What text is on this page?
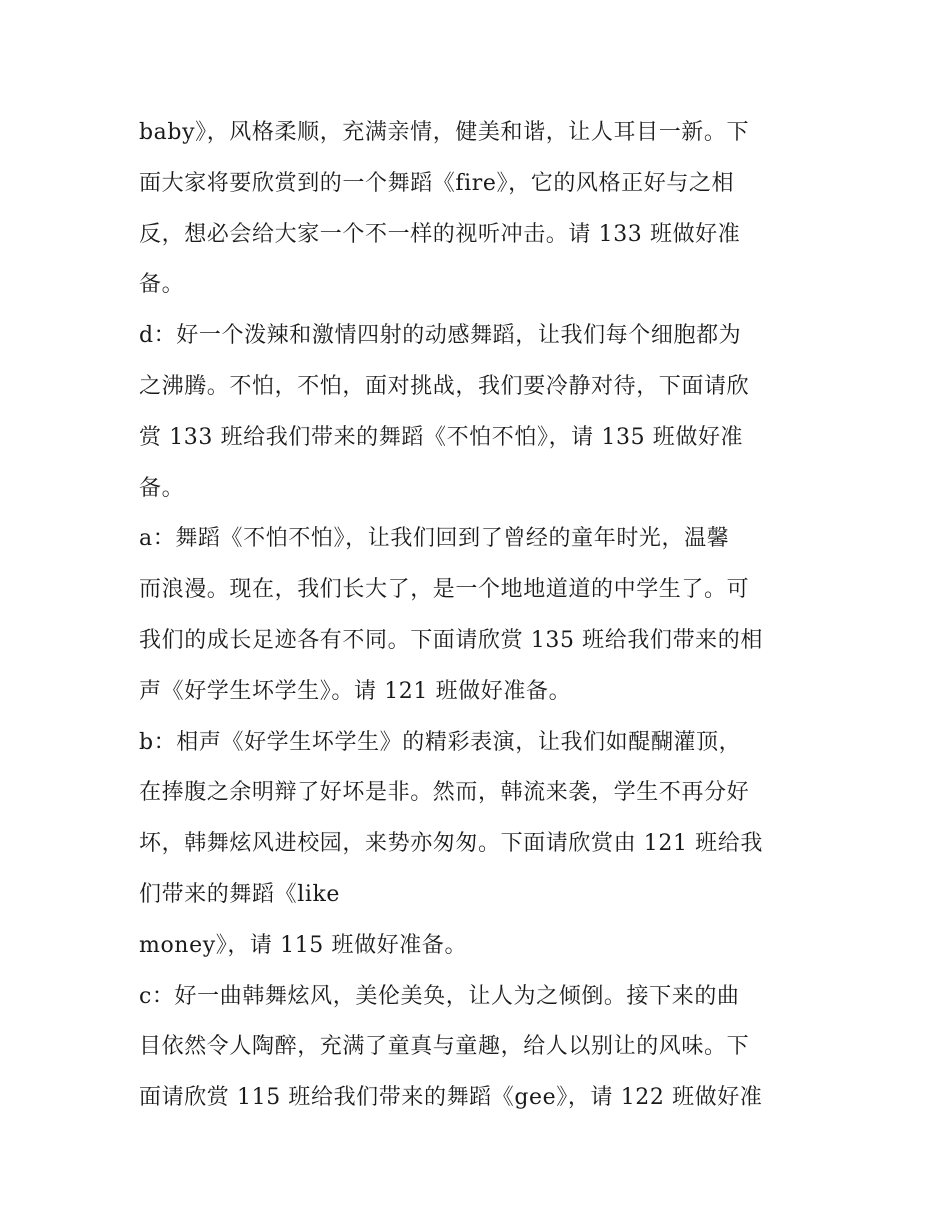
baby》，风格柔顺，充满亲情，健美和谐，让人耳目一新。下
面大家将要欣赏到的一个舞蹈《fire》，它的风格正好与之相
反，想必会给大家一个不一样的视听冲击。请 133 班做好准
备。
d：好一个泼辣和激情四射的动感舞蹈，让我们每个细胞都为
之沸腾。不怕，不怕，面对挑战，我们要冷静对待，下面请欣
赏 133 班给我们带来的舞蹈《不怕不怕》，请 135 班做好准
备。
a：舞蹈《不怕不怕》，让我们回到了曾经的童年时光，温馨
而浪漫。现在，我们长大了，是一个地地道道的中学生了。可
我们的成长足迹各有不同。下面请欣赏 135 班给我们带来的相
声《好学生坏学生》。请 121 班做好准备。
b：相声《好学生坏学生》的精彩表演，让我们如醍醐灌顶，
在捧腹之余明辩了好坏是非。然而，韩流来袭，学生不再分好
坏，韩舞炫风进校园，来势亦匆匆。下面请欣赏由 121 班给我
们带来的舞蹈《like
money》，请 115 班做好准备。
c：好一曲韩舞炫风，美伦美奂，让人为之倾倒。接下来的曲
目依然令人陶醉，充满了童真与童趣，给人以别让的风味。下
面请欣赏 115 班给我们带来的舞蹈《gee》，请 122 班做好准
